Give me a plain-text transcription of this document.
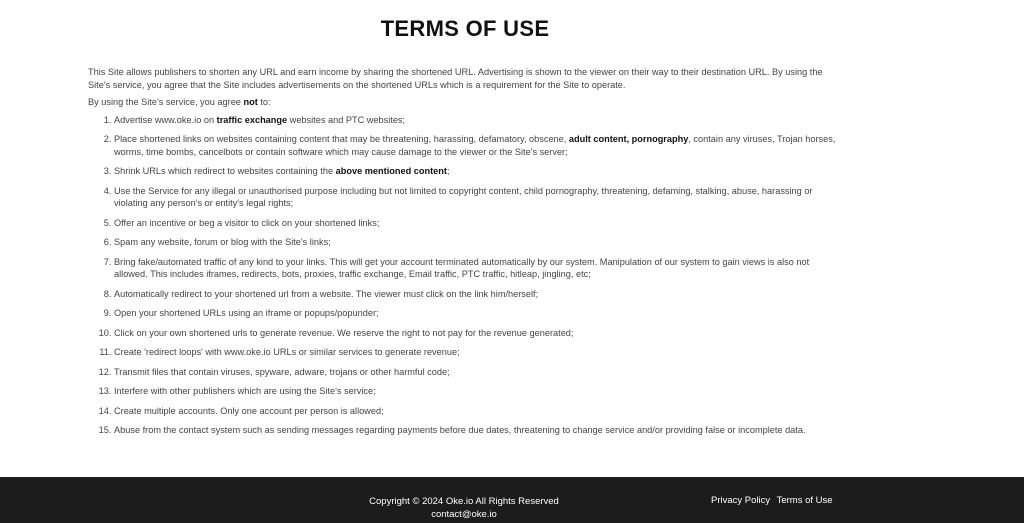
TERMS OF USE

This Site allows publishers to shorten any URL and earn income by sharing the shortened URL. Advertising is shown to the viewer on their way to their destination URL. By using the Site's service, you agree that the Site includes advertisements on the shortened URLs which is a requirement for the Site to operate.

By using the Site's service, you agree not to:

1. Advertise www.oke.io on traffic exchange websites and PTC websites;
2. Place shortened links on websites containing content that may be threatening, harassing, defamatory, obscene, adult content, pornography, contain any viruses, Trojan horses, worms, time bombs, cancelbots or contain software which may cause damage to the viewer or the Site's server;
3. Shrink URLs which redirect to websites containing the above mentioned content;
4. Use the Service for any illegal or unauthorised purpose including but not limited to copyright content, child pornography, threatening, defaming, stalking, abuse, harassing or violating any person's or entity's legal rights;
5. Offer an incentive or beg a visitor to click on your shortened links;
6. Spam any website, forum or blog with the Site's links;
7. Bring fake/automated traffic of any kind to your links. This will get your account terminated automatically by our system. Manipulation of our system to gain views is also not allowed. This includes iframes, redirects, bots, proxies, traffic exchange, Email traffic, PTC traffic, hitleap, jingling, etc;
8. Automatically redirect to your shortened url from a website. The viewer must click on the link him/herself;
9. Open your shortened URLs using an iframe or popups/popunder;
10. Click on your own shortened urls to generate revenue. We reserve the right to not pay for the revenue generated;
11. Create 'redirect loops' with www.oke.io URLs or similar services to generate revenue;
12. Transmit files that contain viruses, spyware, adware, trojans or other harmful code;
13. Interfere with other publishers which are using the Site's service;
14. Create multiple accounts. Only one account per person is allowed;
15. Abuse from the contact system such as sending messages regarding payments before due dates, threatening to change service and/or providing false or incomplete data.
Copyright © 2024 Oke.io All Rights Reserved
contact@oke.io
Privacy Policy Terms of Use
